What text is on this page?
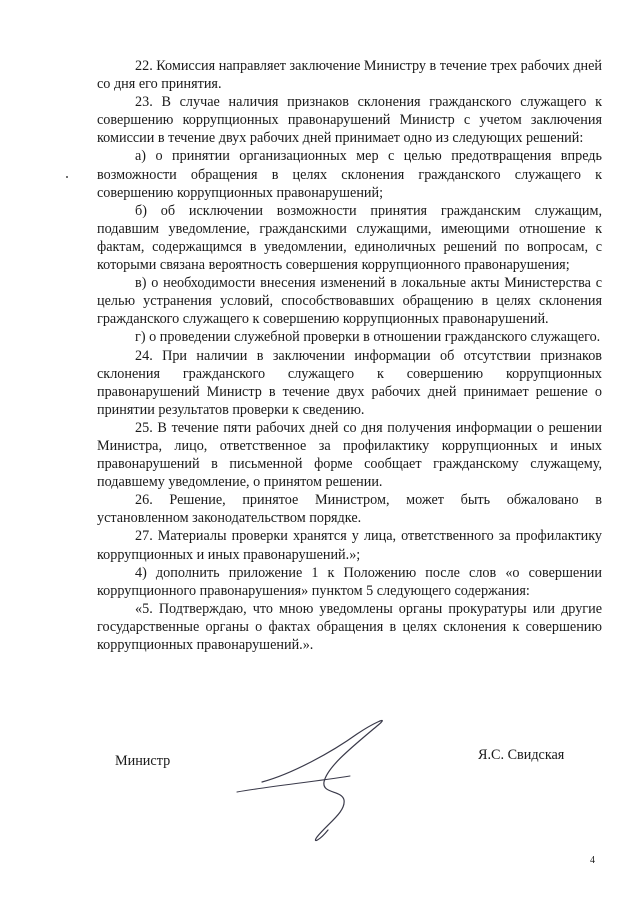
22. Комиссия направляет заключение Министру в течение трех рабочих дней со дня его принятия.

23. В случае наличия признаков склонения гражданского служащего к совершению коррупционных правонарушений Министр с учетом заключения комиссии в течение двух рабочих дней принимает одно из следующих решений:

а) о принятии организационных мер с целью предотвращения впредь возможности обращения в целях склонения гражданского служащего к совершению коррупционных правонарушений;

б) об исключении возможности принятия гражданским служащим, подавшим уведомление, гражданскими служащими, имеющими отношение к фактам, содержащимся в уведомлении, единоличных решений по вопросам, с которыми связана вероятность совершения коррупционного правонарушения;

в) о необходимости внесения изменений в локальные акты Министерства с целью устранения условий, способствовавших обращению в целях склонения гражданского служащего к совершению коррупционных правонарушений.

г) о проведении служебной проверки в отношении гражданского служащего.

24. При наличии в заключении информации об отсутствии признаков склонения гражданского служащего к совершению коррупционных правонарушений Министр в течение двух рабочих дней принимает решение о принятии результатов проверки к сведению.

25. В течение пяти рабочих дней со дня получения информации о решении Министра, лицо, ответственное за профилактику коррупционных и иных правонарушений в письменной форме сообщает гражданскому служащему, подавшему уведомление, о принятом решении.

26. Решение, принятое Министром, может быть обжаловано в установленном законодательством порядке.

27. Материалы проверки хранятся у лица, ответственного за профилактику коррупционных и иных правонарушений.»;

4) дополнить приложение 1 к Положению после слов «о совершении коррупционного правонарушения» пунктом 5 следующего содержания:

«5. Подтверждаю, что мною уведомлены органы прокуратуры или другие государственные органы о фактах обращения в целях склонения к совершению коррупционных правонарушений.».

Министр	Я.С. Свидская
4
